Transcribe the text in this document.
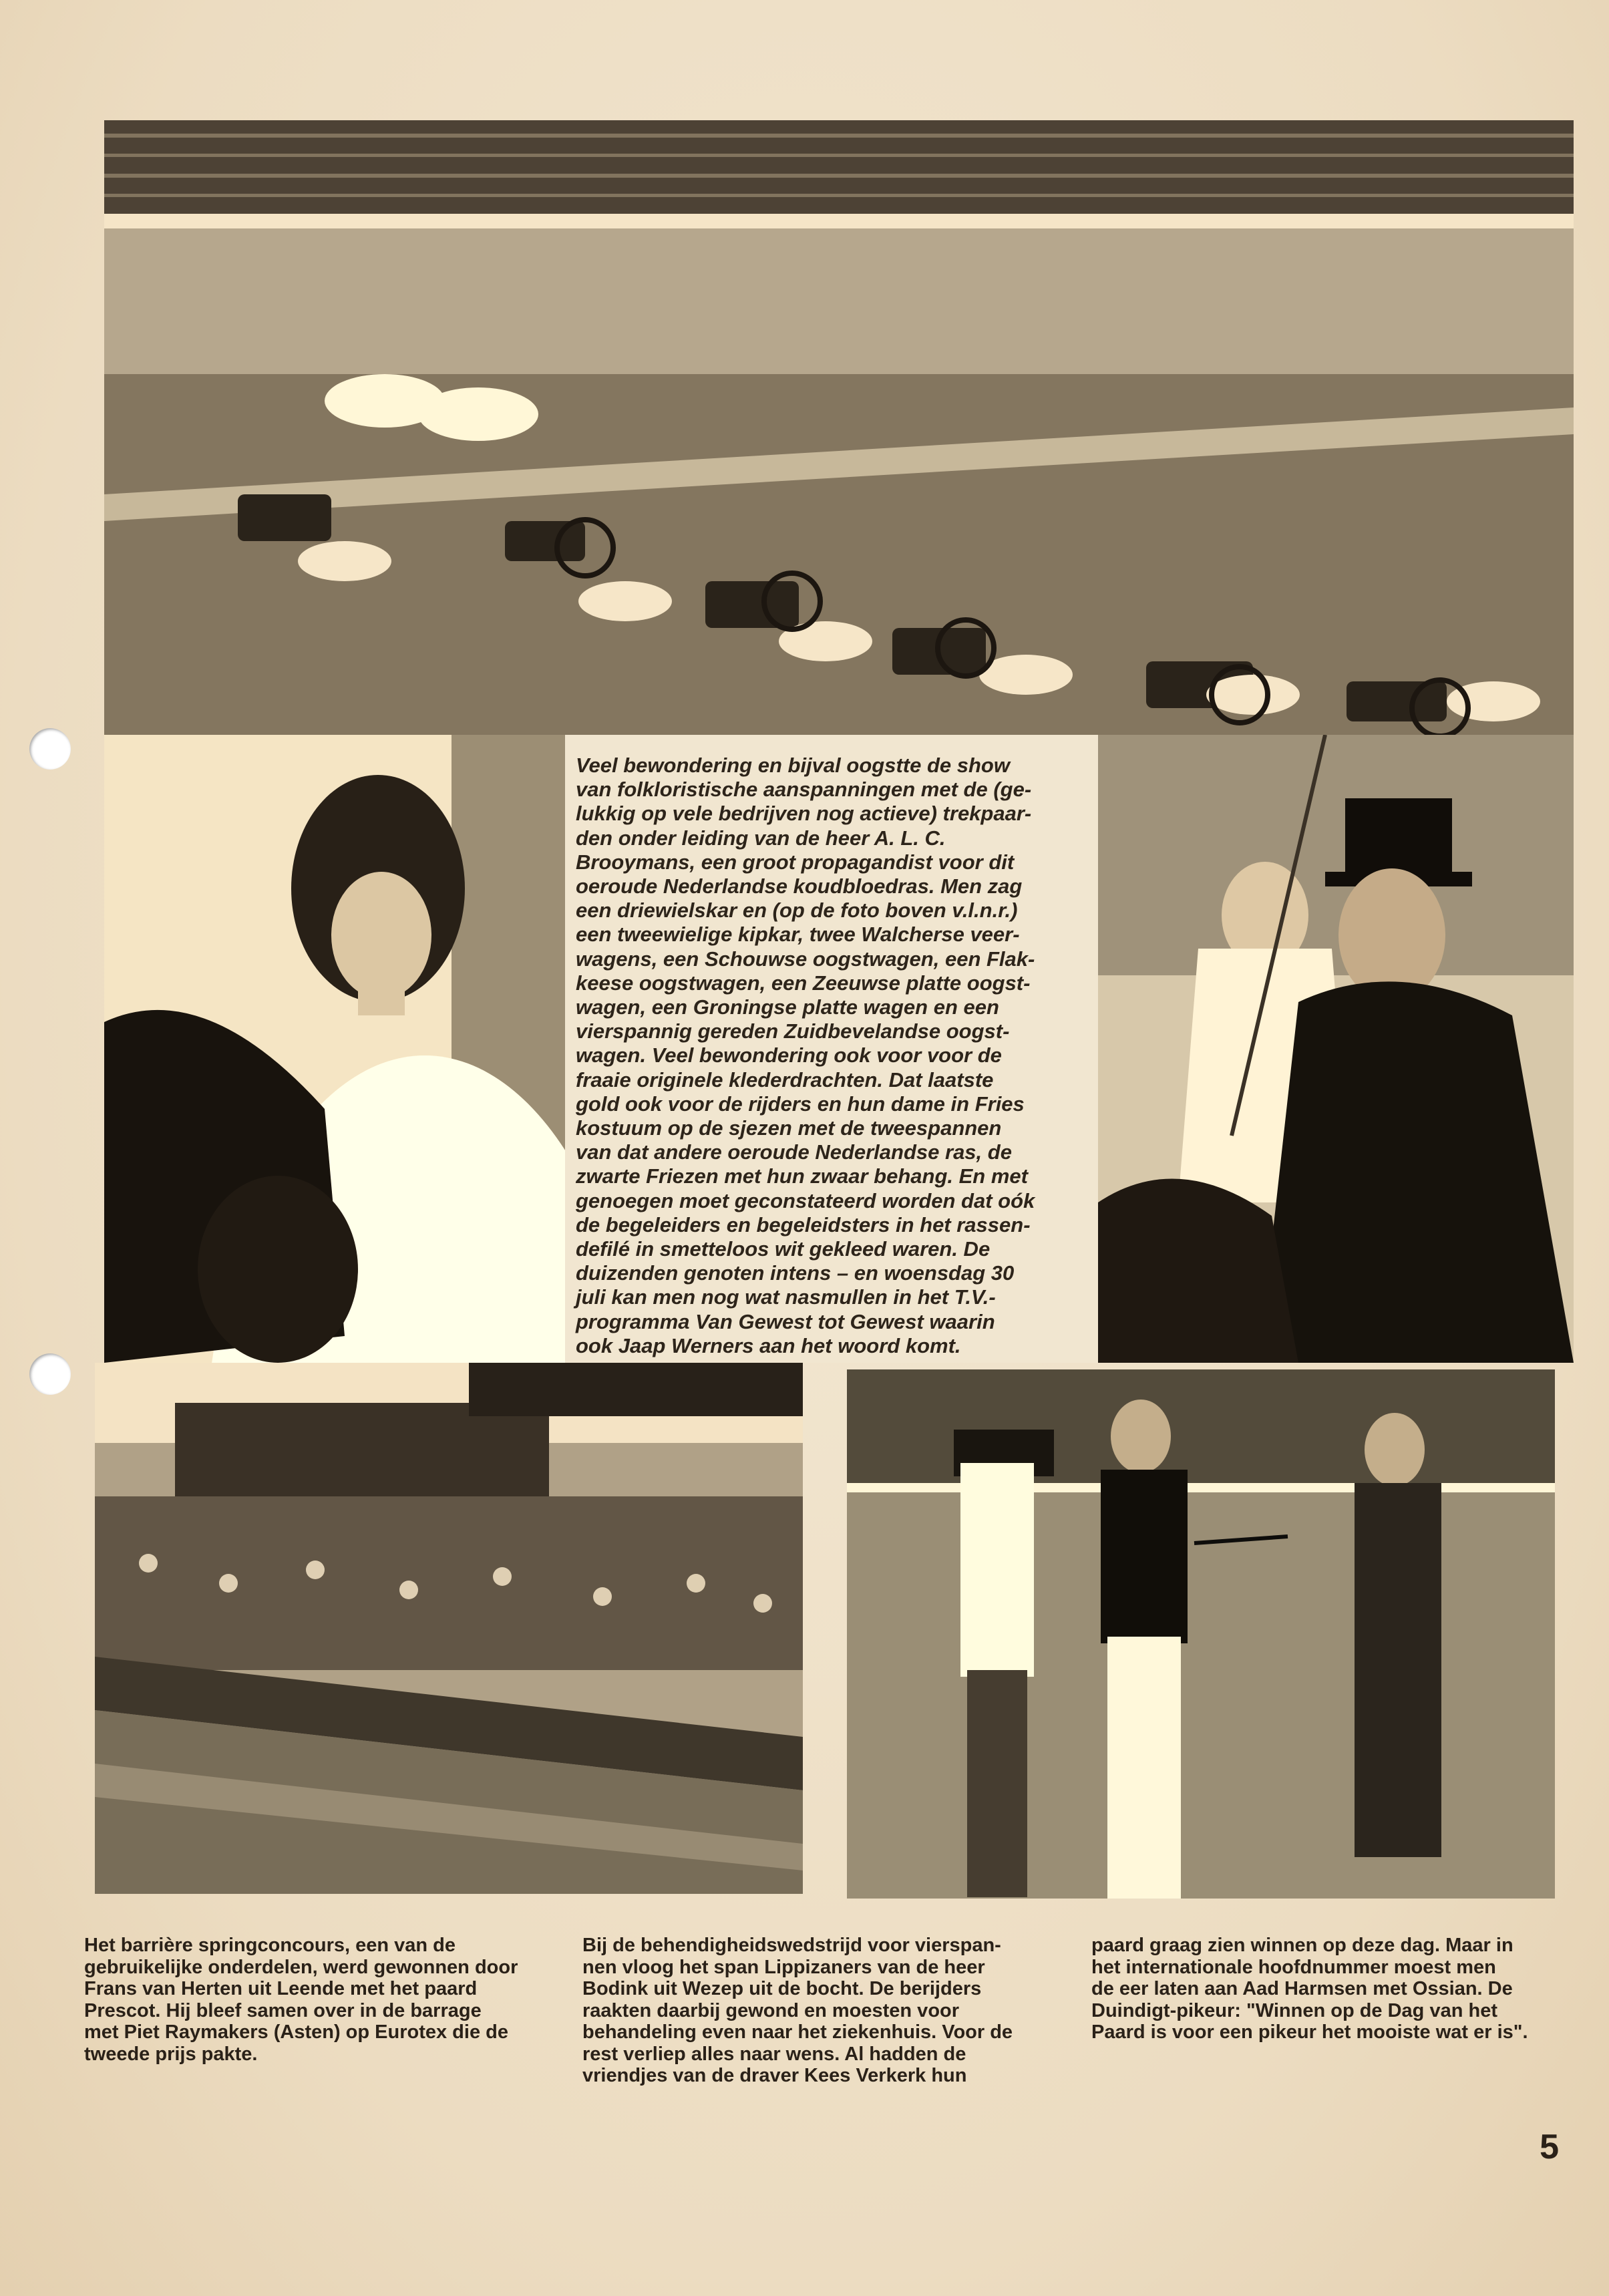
Veel bewondering en bijval oogstte de show
van folkloristische aanspanningen met de (ge-
lukkig op vele bedrijven nog actieve) trekpaar-
den onder leiding van de heer A. L. C.
Brooymans, een groot propagandist voor dit
oeroude Nederlandse koudbloedras. Men zag
een driewielskar en (op de foto boven v.l.n.r.)
een tweewielige kipkar, twee Walcherse veer-
wagens, een Schouwse oogstwagen, een Flak-
keese oogstwagen, een Zeeuwse platte oogst-
wagen, een Groningse platte wagen en een
vierspannig gereden Zuidbevelandse oogst-
wagen. Veel bewondering ook voor voor de
fraaie originele klederdrachten. Dat laatste
gold ook voor de rijders en hun dame in Fries
kostuum op de sjezen met de tweespannen
van dat andere oeroude Nederlandse ras, de
zwarte Friezen met hun zwaar behang. En met
genoegen moet geconstateerd worden dat oók
de begeleiders en begeleidsters in het rassen-
defilé in smetteloos wit gekleed waren. De
duizenden genoten intens – en woensdag 30
juli kan men nog wat nasmullen in het T.V.-
programma Van Gewest tot Gewest waarin
ook Jaap Werners aan het woord komt.

Het barrière springconcours, een van de
gebruikelijke onderdelen, werd gewonnen door
Frans van Herten uit Leende met het paard
Prescot. Hij bleef samen over in de barrage
met Piet Raymakers (Asten) op Eurotex die de
tweede prijs pakte.

Bij de behendigheidswedstrijd voor vierspan-
nen vloog het span Lippizaners van de heer
Bodink uit Wezep uit de bocht. De berijders
raakten daarbij gewond en moesten voor
behandeling even naar het ziekenhuis. Voor de
rest verliep alles naar wens. Al hadden de
vriendjes van de draver Kees Verkerk hun

paard graag zien winnen op deze dag. Maar in
het internationale hoofdnummer moest men
de eer laten aan Aad Harmsen met Ossian. De
Duindigt-pikeur: "Winnen op de Dag van het
Paard is voor een pikeur het mooiste wat er is".

5
